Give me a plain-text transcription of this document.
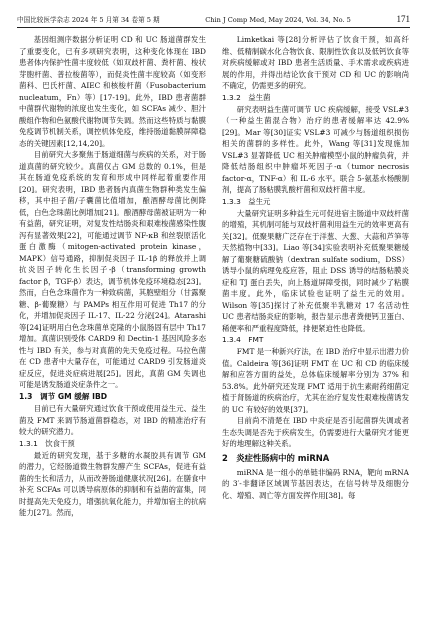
中国比较医学杂志 2024 年 5 月第 34 卷第 5 期	Chin J Comp Med, May 2024, Vol. 34, No. 5	171

基因组测序数据分析证明 CD 和 UC 肠道菌群发生了重要变化，已有多项研究表明，这种变化体现在 IBD 患者体内保护性菌丰度较低（如双歧杆菌、粪杆菌、梭状芽胞杆菌、普拉梭菌等），而促炎性菌丰度较高（如变形菌科、巴氏杆菌、AIEC 和核梭杆菌（Fusobacterium nucleatum，Fn）等）[17-19]。此外，IBD 患者菌群中菌群代谢物的浓度也发生变化，如 SCFAs 减少、胆汁酸组作物和色氨酸代谢物调节失调。然而这些特质与黏膜免疫调节机制关系，调控机体免疫，维持肠道黏膜屏障稳态的关键因素[12,14,20]。

目前研究大多聚焦于肠道细菌与疾病的关系，对于肠道真菌的研究较少。真菌仅占 GM 总数的 0.1%，但是其在肠道免疫系统的发育和形成中同样起着重要作用[20]。研究表明，IBD 患者肠内真菌生物群种类发生偏移，其中担子菌/子囊菌比值增加，酿酒酵母菌比例降低，白色念珠菌比例增加[21]。酿酒酵母菌被证明为一种有益菌，研究证明，对复发性结肠炎和艰难梭菌感染性腹泻有显著效果[22]，可能通过调节 NF-κB 和丝裂原活化蛋白激酶（mitogen-activated protein kinase，MAPK）信号通路，抑制促炎因子 IL-1β 的释放并上调抗炎因子转化生长因子-β（transforming growth factor β，TGF-β）表达，调节机体免疫环境稳态[23]。然而，白色念珠菌作为一种致病菌，其胞壁组分（甘露聚糖、β-葡聚糖）与 PAMPs 相互作用可促进 Th17 的分化，并增加促炎因子 IL-17、IL-22 分泌[24]。Atarashi 等[24]证明用白色念珠菌单克隆的小鼠肠固有层中 Th17 增加。真菌识别受体 CARD9 和 Dectin-1 基因风险多态性与 IBD 有关，参与对真菌的先天免疫过程。马拉色菌在 CD 患者中大量存在，可能通过 CARD9 引发肠道炎症反应，促进炎症病进展[25]。因此，真菌 GM 失调也可能是诱发肠道炎症条件之一。

1.3　调节 GM 缓解 IBD

目前已有大量研究通过饮食干预或使用益生元、益生菌及 FMT 来调节肠道菌群稳态，对 IBD 的精准治疗有较大的研究潜力。

1.3.1　饮食干预

最近的研究发现，基于多糖的水凝胶具有调节 GM 的潜力，它经肠道微生物群发酵产生 SCFAs，促进有益菌的生长和活力，从而改善肠道健康状况[26]。在膳食中补充 SCFAs 可以诱导病原体的抑制和有益菌的富集，同时提高先天免疫力，增强抗氧化能力，并增加宿主的抗病能力[27]。然而，

Limketkai 等[28]分析评估了饮食干预，如高纤维、低精制碳水化合物饮食、限制性饮食以及低钙饮食等对疾病缓解或对 IBD 患者生活质量、手术需求或疾病进展的作用，并得出结论饮食干预对 CD 和 UC 的影响尚不确定，仍需更多的研究。

1.3.2　益生菌

研究表明益生菌可调节 UC 疾病缓解，接受 VSL#3（一种益生菌混合物）治疗的患者缓解率达 42.9%[29]。Mar 等[30]证实 VSL#3 可减少与肠道组织损伤相关的菌群的多样性。此外，Wang 等[31]发现施加 VSL#3 显著降低 UC 相关肿瘤模型小鼠的肿瘤负荷，并降低结肠组织中肿瘤坏死因子-α（tumor necrosis factor-α，TNF-α）和 IL-6 水平。联合 5-氨基水杨酸制剂，提高了肠粘膜乳酸杆菌和双歧杆菌丰度。

1.3.3　益生元

大量研究证明多种益生元可促进宿主肠道中双歧杆菌的增殖，其机制可能与双歧杆菌利用益生元的效率更高有关[32]。低聚果糖广泛存在于洋葱、大葱、大蒜和芦笋等天然植物中[33]。Liao 等[34]实验表明补充低聚果糖缓解了葡聚糖硫酸钠（dextran sulfate sodium，DSS）诱导小鼠的病理免疫应答，阻止 DSS 诱导的结肠粘膜炎症和 TJ 蛋白丢失，向上肠道屏障受损，同时减少了粘膜菌丰度。此外，临床试验也证明了益生元的效用。Wilson 等[35]探讨了补充低聚半乳糖对 17 名活动性 UC 患者结肠炎症的影响，报告显示患者粪便钙卫蛋白、稀便率和严重程度降低，排便紧迫性也降低。

1.3.4　FMT

FMT 是一种新兴疗法，在 IBD 治疗中显示出潜力价值。Caldeira 等[36]证明 FMT 在 UC 和 CD 的临床缓解和应答方面的益处，总体临床缓解率分别为 37% 和 53.8%。此外研究还发现 FMT 适用于抗生素耐药细菌定植于肾肠道的疾病治疗，尤其在治疗复发性艰难梭菌诱发的 UC 有较好的效果[37]。

目前尚不清楚在 IBD 中炎症是否引起菌群失调或者生态失调是否先于疾病发生，仍需要进行大量研究才能更好的地理解这种关系。

2　炎症性肠病中的 miRNA

miRNA 是一组小的单链非编码 RNA，靶向 mRNA 的 3′-非翻译区域调节基因表达，在信号转导及细胞分化、增殖、凋亡等方面发挥作用[38]。每
